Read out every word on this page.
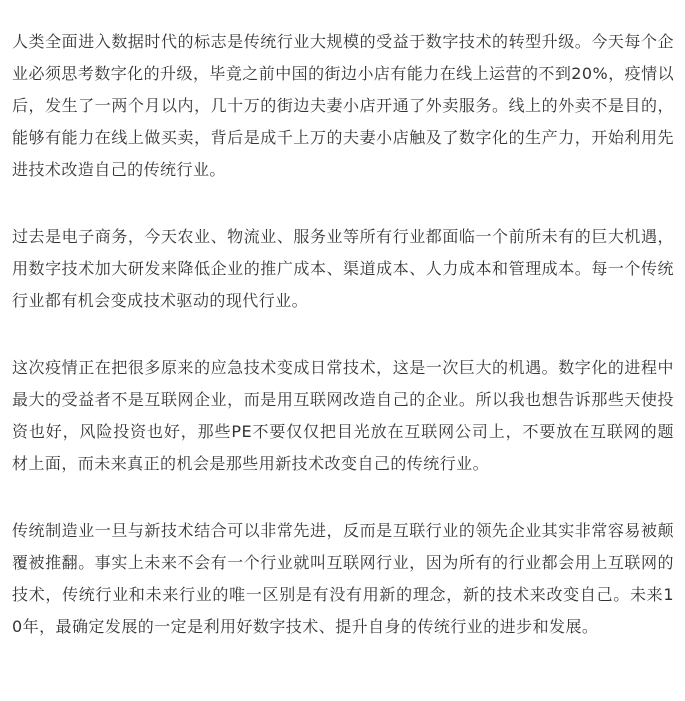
人类全面进入数据时代的标志是传统行业大规模的受益于数字技术的转型升级。今天每个企业必须思考数字化的升级，毕竟之前中国的街边小店有能力在线上运营的不到20%，疫情以后，发生了一两个月以内，几十万的街边夫妻小店开通了外卖服务。线上的外卖不是目的，能够有能力在线上做买卖，背后是成千上万的夫妻小店触及了数字化的生产力，开始利用先进技术改造自己的传统行业。

过去是电子商务，今天农业、物流业、服务业等所有行业都面临一个前所未有的巨大机遇，用数字技术加大研发来降低企业的推广成本、渠道成本、人力成本和管理成本。每一个传统行业都有机会变成技术驱动的现代行业。

这次疫情正在把很多原来的应急技术变成日常技术，这是一次巨大的机遇。数字化的进程中最大的受益者不是互联网企业，而是用互联网改造自己的企业。所以我也想告诉那些天使投资也好，风险投资也好，那些PE不要仅仅把目光放在互联网公司上，不要放在互联网的题材上面，而未来真正的机会是那些用新技术改变自己的传统行业。

传统制造业一旦与新技术结合可以非常先进，反而是互联行业的领先企业其实非常容易被颠覆被推翻。事实上未来不会有一个行业就叫互联网行业，因为所有的行业都会用上互联网的技术，传统行业和未来行业的唯一区别是有没有用新的理念，新的技术来改变自己。未来10年，最确定发展的一定是利用好数字技术、提升自身的传统行业的进步和发展。
